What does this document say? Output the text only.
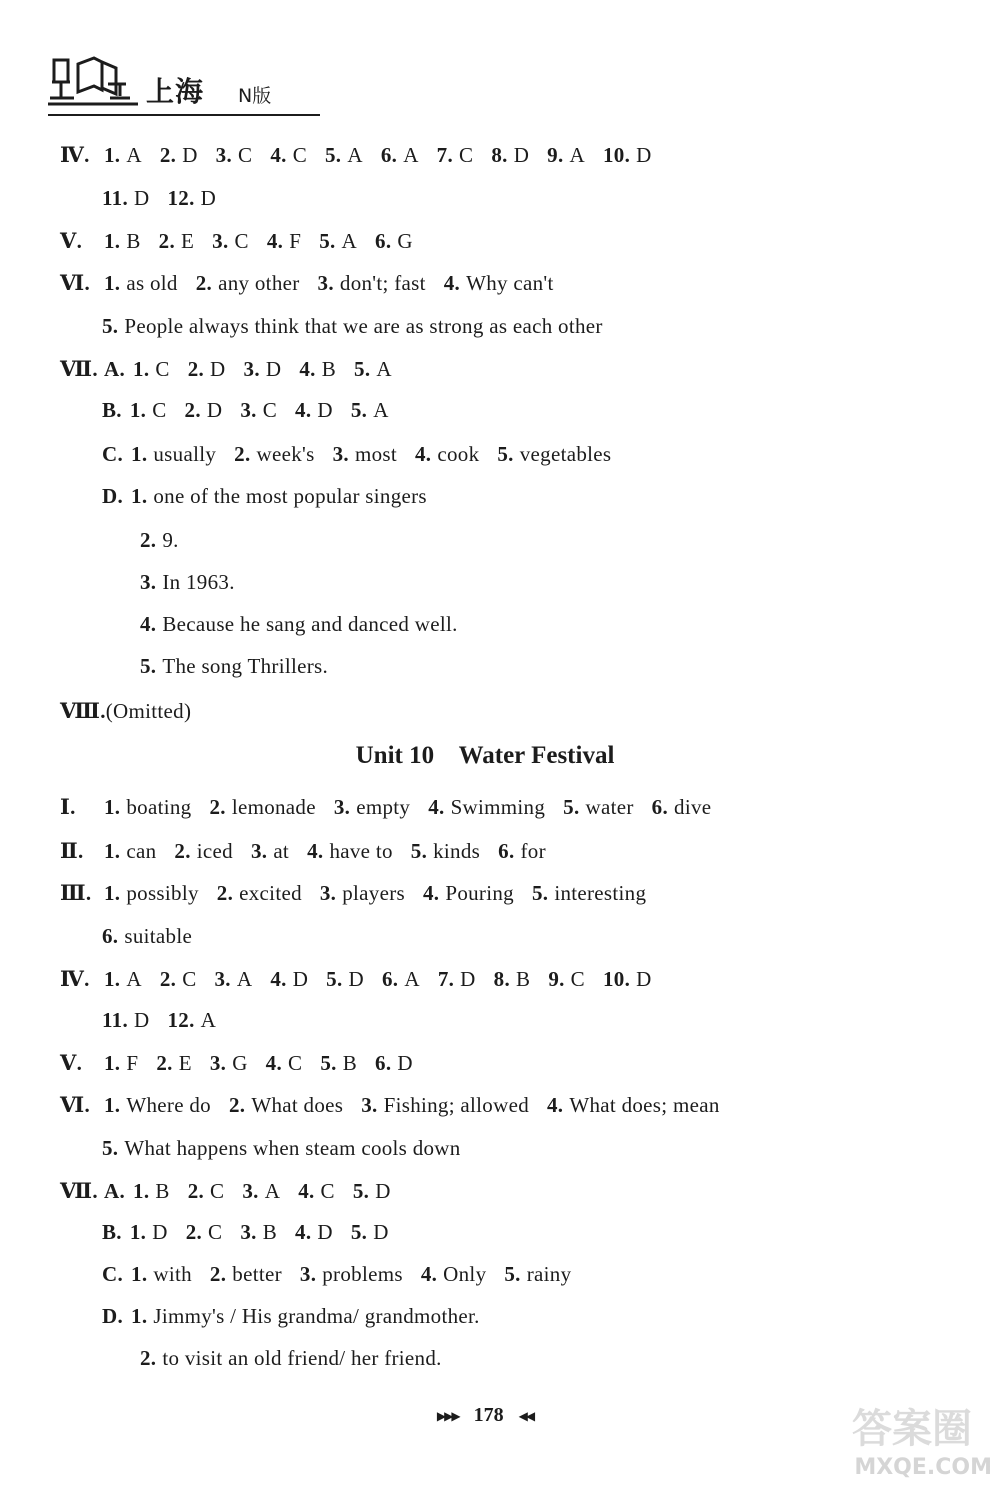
上海 N版
Ⅳ. 1. A 2. D 3. C 4. C 5. A 6. A 7. C 8. D 9. A 10. D
11. D 12. D
Ⅴ. 1. B 2. E 3. C 4. F 5. A 6. G
Ⅵ. 1. as old 2. any other 3. don't; fast 4. Why can't
5. People always think that we are as strong as each other
Ⅶ. A. 1. C 2. D 3. D 4. B 5. A
B. 1. C 2. D 3. C 4. D 5. A
C. 1. usually 2. week's 3. most 4. cook 5. vegetables
D. 1. one of the most popular singers
2. 9.
3. In 1963.
4. Because he sang and danced well.
5. The song Thrillers.
Ⅷ.(Omitted)
Unit 10    Water Festival
Ⅰ. 1. boating 2. lemonade 3. empty 4. Swimming 5. water 6. dive
Ⅱ. 1. can 2. iced 3. at 4. have to 5. kinds 6. for
Ⅲ. 1. possibly 2. excited 3. players 4. Pouring 5. interesting
6. suitable
Ⅳ. 1. A 2. C 3. A 4. D 5. D 6. A 7. D 8. B 9. C 10. D
11. D 12. A
Ⅴ. 1. F 2. E 3. G 4. C 5. B 6. D
Ⅵ. 1. Where do 2. What does 3. Fishing; allowed 4. What does; mean
5. What happens when steam cools down
Ⅶ. A. 1. B 2. C 3. A 4. C 5. D
B. 1. D 2. C 3. B 4. D 5. D
C. 1. with 2. better 3. problems 4. Only 5. rainy
D. 1. Jimmy's / His grandma/ grandmother.
2. to visit an old friend/ her friend.
▶▶▶ 178 ◀◀	答案圈
MXQE.COM
